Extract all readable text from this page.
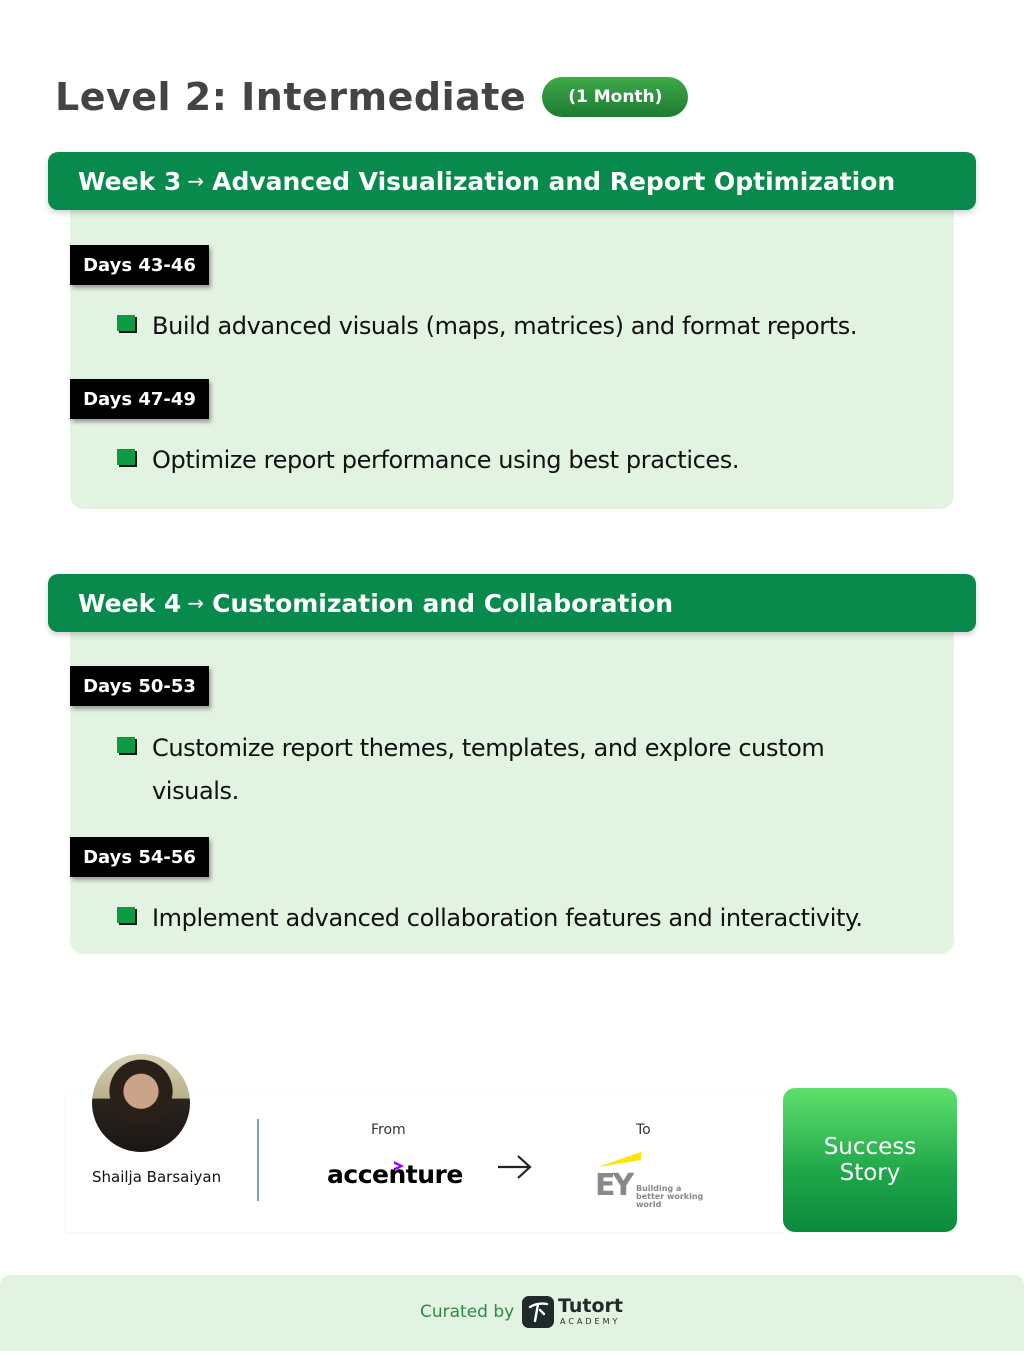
Level 2: Intermediate	(1 Month)
Week 3 → Advanced Visualization and Report Optimization
Days 43-46
Build advanced visuals (maps, matrices) and format reports.
Days 47-49
Optimize report performance using best practices.
Week 4 → Customization and Collaboration
Days 50-53
Customize report themes, templates, and explore custom visuals.
Days 54-56
Implement advanced collaboration features and interactivity.
Shailja Barsaiyan
From
accenture
To
EY Building a better working world
Success Story
Curated by Tutort
ACADEMY
